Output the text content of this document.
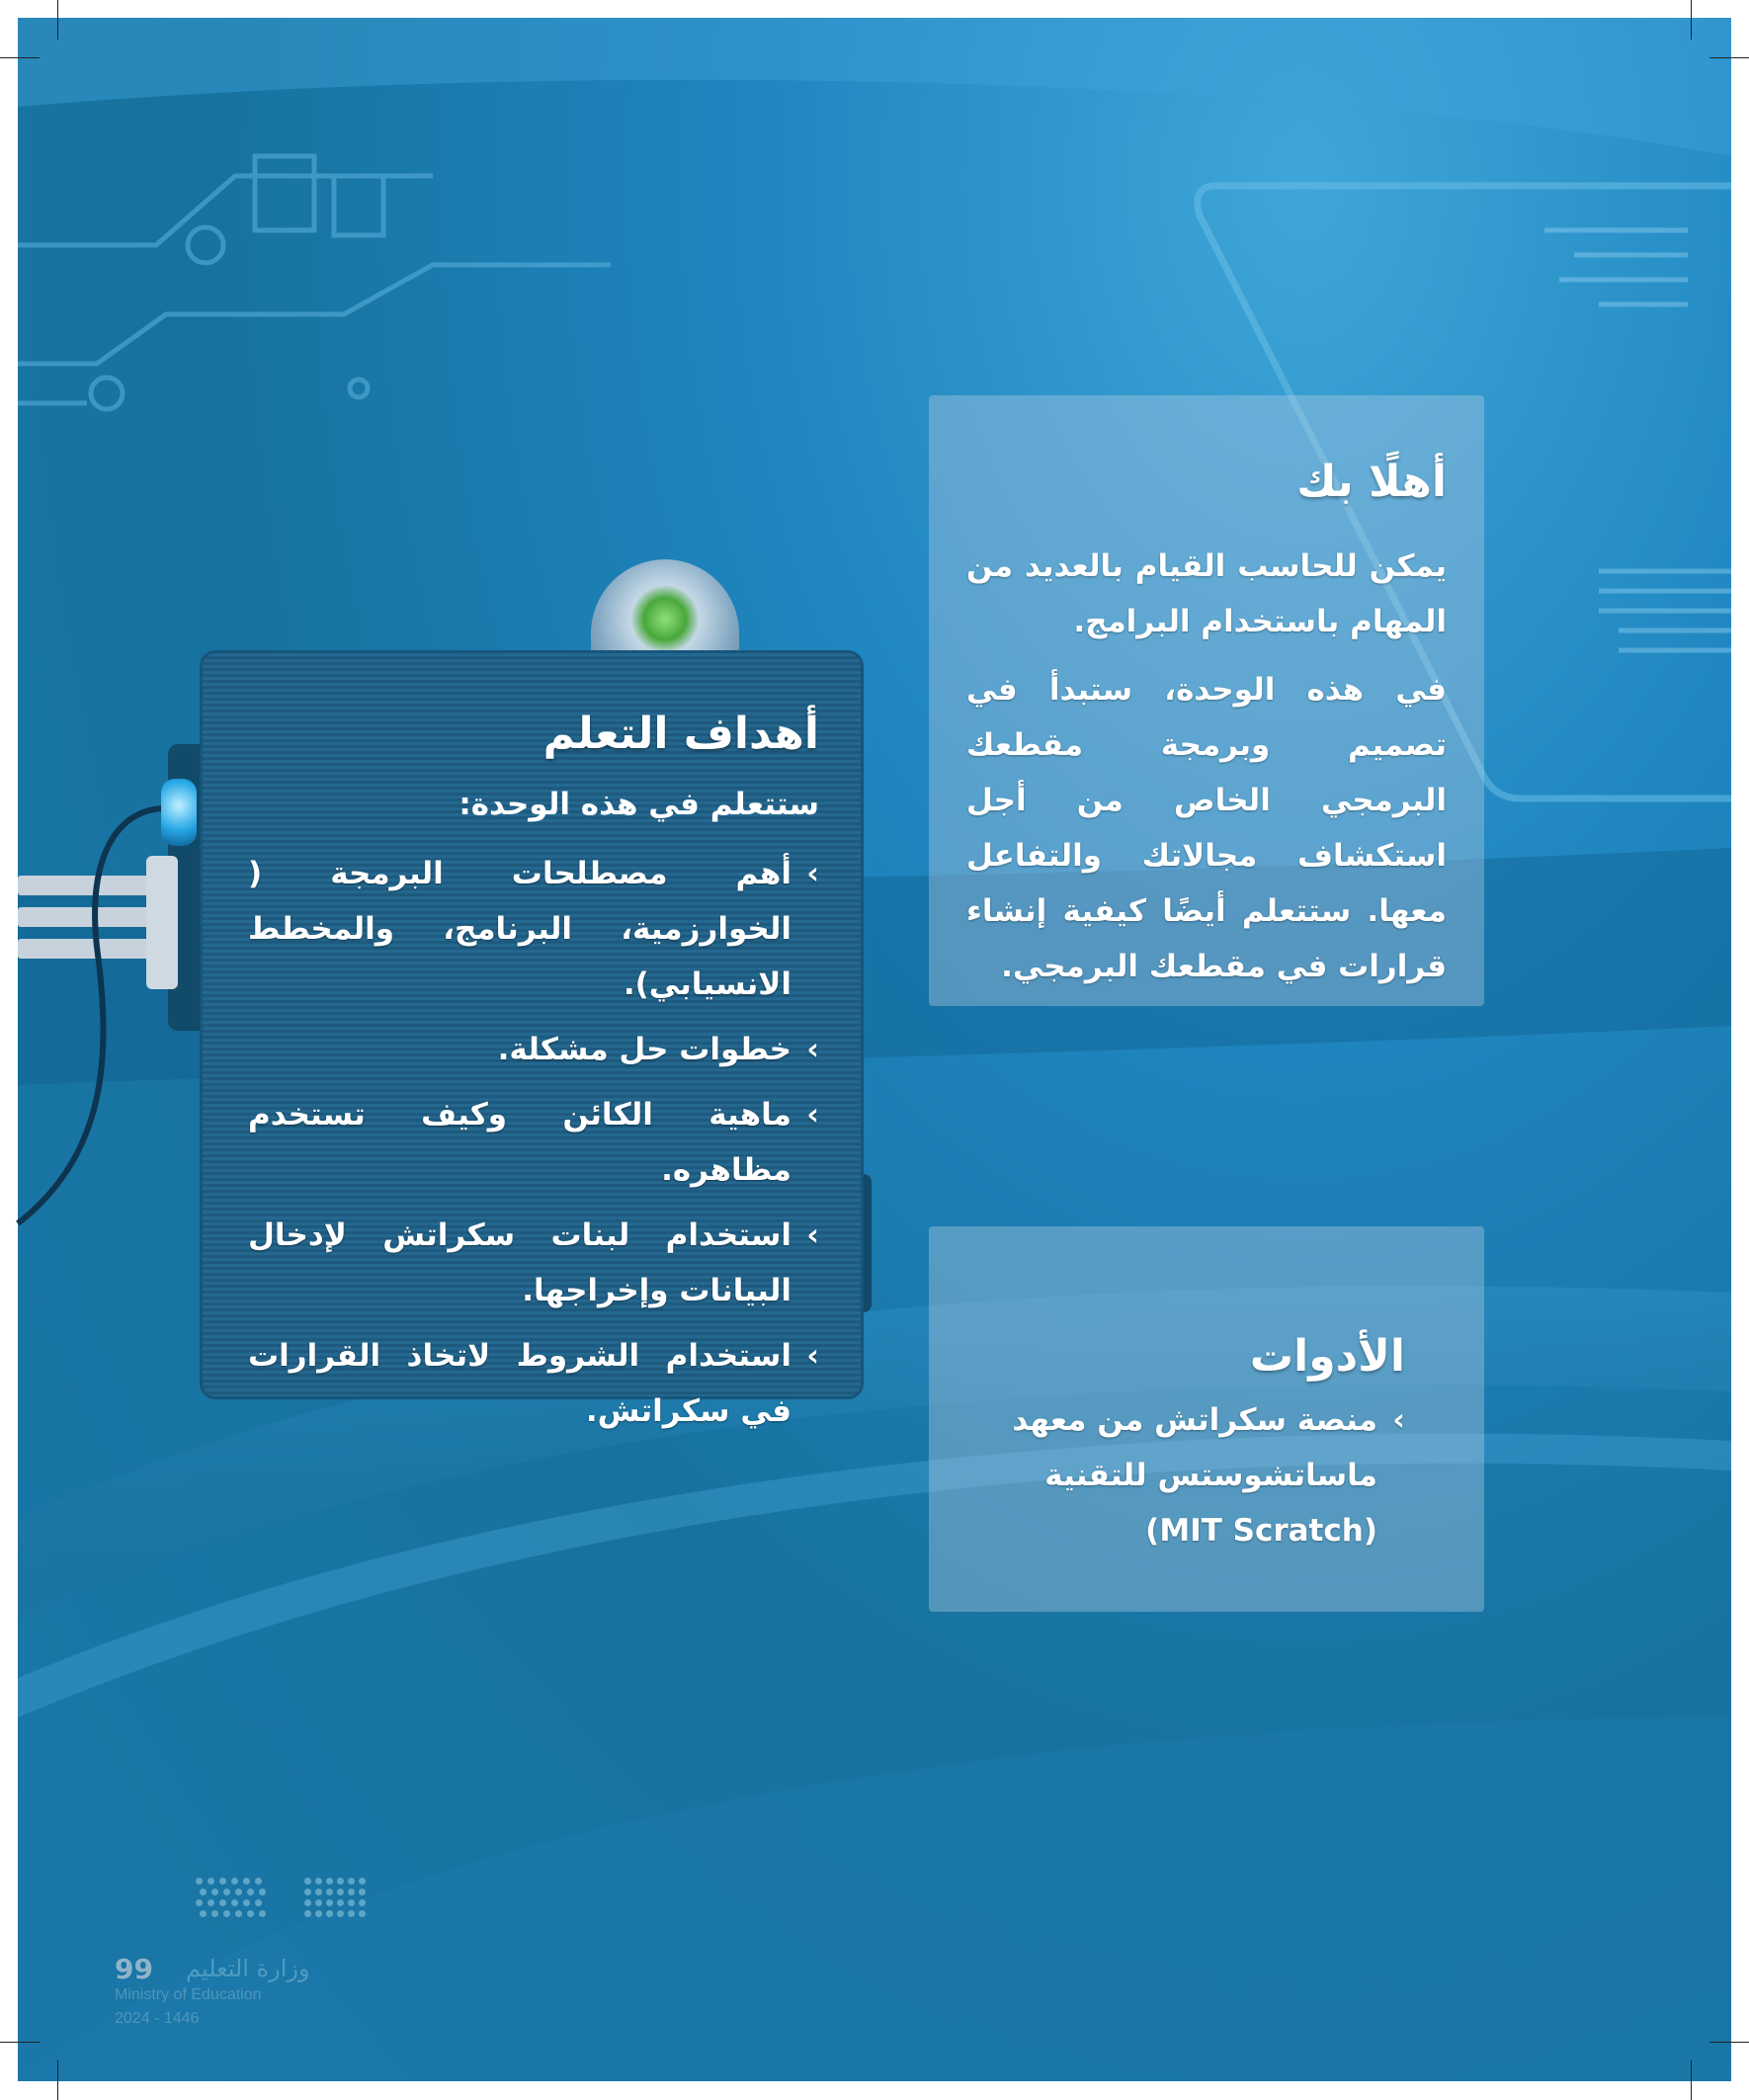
أهلًا بك
يمكن للحاسب القيام بالعديد من المهام باستخدام البرامج.
في هذه الوحدة، ستبدأ في تصميم وبرمجة مقطعك البرمجي الخاص من أجل استكشاف مجالاتك والتفاعل معها. ستتعلم أيضًا كيفية إنشاء قرارات في مقطعك البرمجي.
الأدوات
› منصة سكراتش من معهد ماساتشوستس للتقنية (MIT Scratch)
أهداف التعلم
ستتعلم في هذه الوحدة:
› أهم مصطلحات البرمجة ( الخوارزمية، البرنامج، والمخطط الانسيابي).
› خطوات حل مشكلة.
› ماهية الكائن وكيف تستخدم مظاهره.
› استخدام لبنات سكراتش لإدخال البيانات وإخراجها.
› استخدام الشروط لاتخاذ القرارات في سكراتش.
وزارة التعليم
99
Ministry of Education
2024 - 1446
